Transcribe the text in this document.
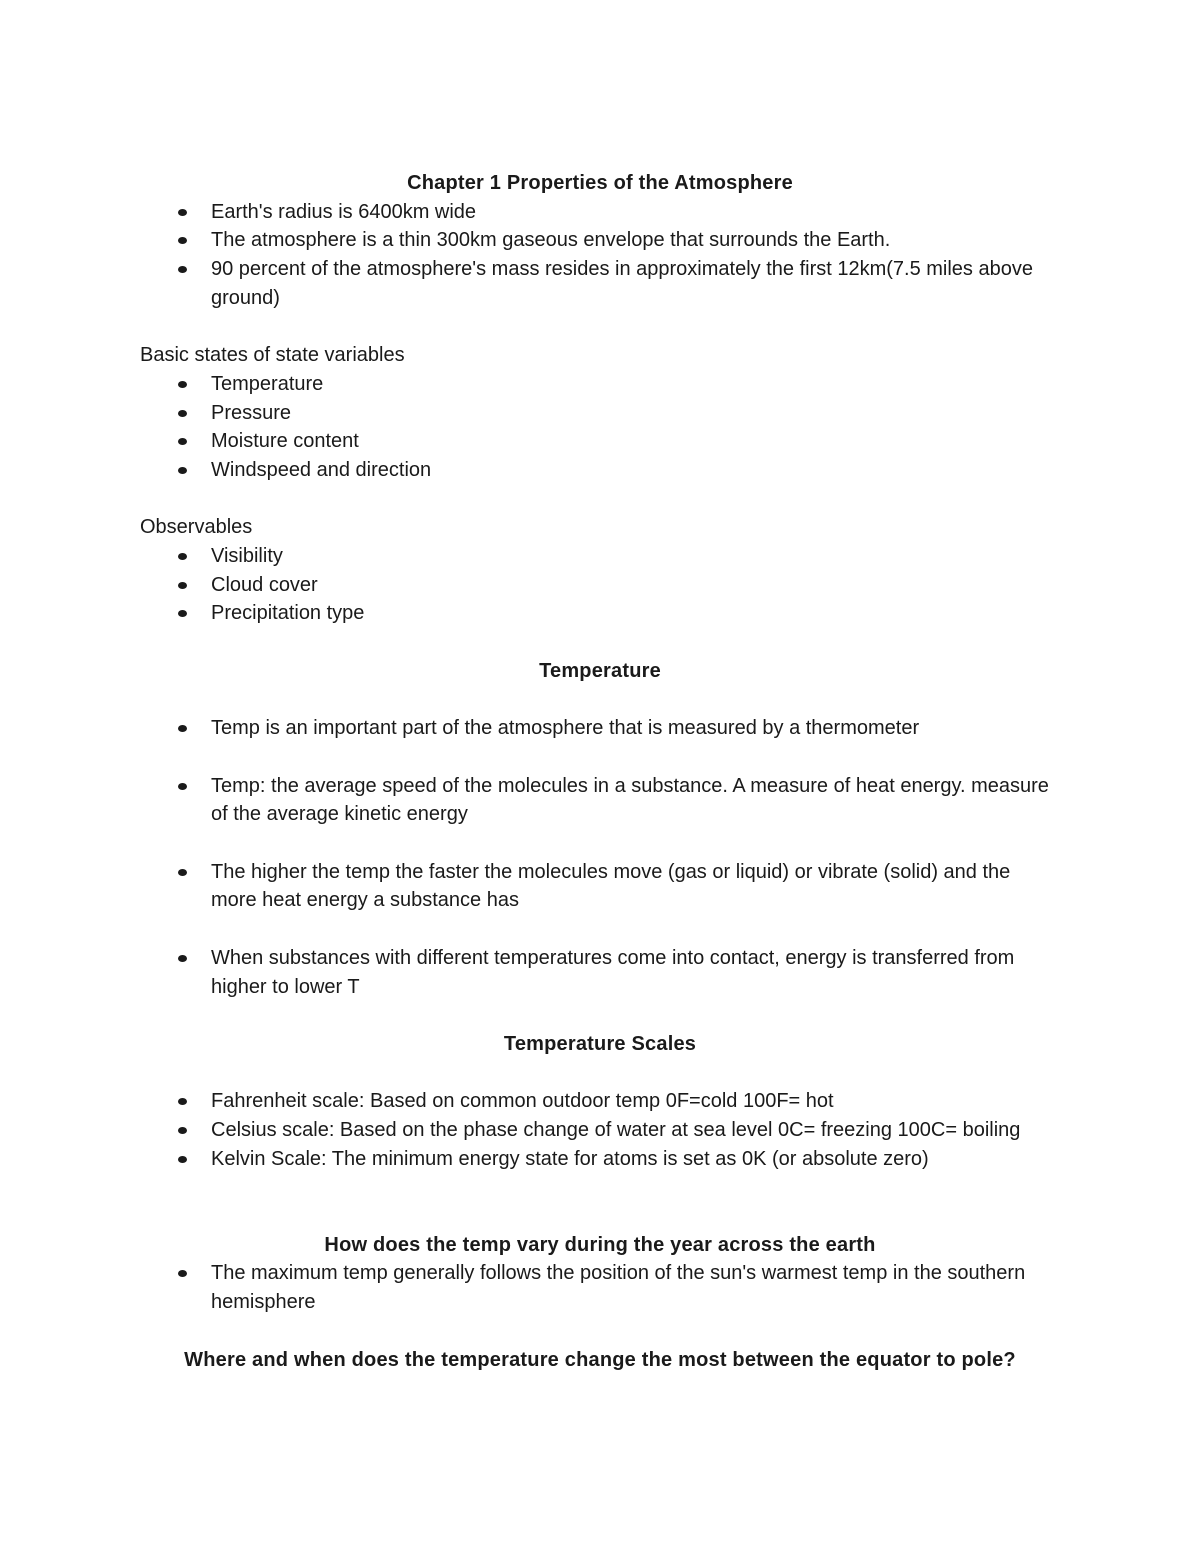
Chapter 1 Properties of the Atmosphere

Earth's radius is 6400km wide
The atmosphere is a thin 300km gaseous envelope that surrounds the Earth.
90 percent of the atmosphere's mass resides in approximately the first 12km(7.5 miles above ground)

Basic states of state variables

Temperature
Pressure
Moisture content
Windspeed and direction

Observables

Visibility
Cloud cover
Precipitation type

Temperature

Temp is an important part of the atmosphere that is measured by a thermometer
Temp: the average speed of the molecules in a substance. A measure of heat energy. measure of the average kinetic energy
The higher the temp the faster the molecules move (gas or liquid) or vibrate (solid) and the more heat energy a substance has
When substances with different temperatures come into contact, energy is transferred from higher to lower T

Temperature Scales

Fahrenheit scale: Based on common outdoor temp 0F=cold 100F= hot
Celsius scale: Based on the phase change of water at sea level 0C= freezing 100C= boiling
Kelvin Scale: The minimum energy state for atoms is set as 0K (or absolute zero)

How does the temp vary during the year across the earth

The maximum temp generally follows the position of the sun's warmest temp in the southern hemisphere

Where and when does the temperature change the most between the equator to pole?
